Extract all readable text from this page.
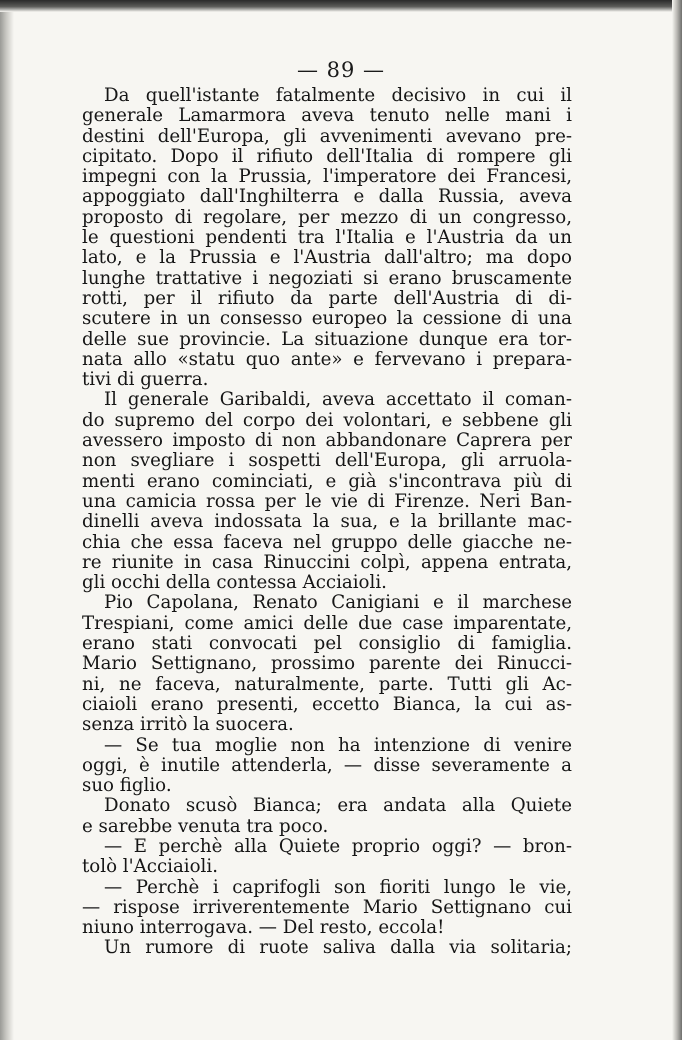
— 89 —
Da quell'istante fatalmente decisivo in cui il
generale Lamarmora aveva tenuto nelle mani i
destini dell'Europa, gli avvenimenti avevano pre-
cipitato. Dopo il rifiuto dell'Italia di rompere gli
impegni con la Prussia, l'imperatore dei Francesi,
appoggiato dall'Inghilterra e dalla Russia, aveva
proposto di regolare, per mezzo di un congresso,
le questioni pendenti tra l'Italia e l'Austria da un
lato, e la Prussia e l'Austria dall'altro; ma dopo
lunghe trattative i negoziati si erano bruscamente
rotti, per il rifiuto da parte dell'Austria di di-
scutere in un consesso europeo la cessione di una
delle sue provincie. La situazione dunque era tor-
nata allo «statu quo ante» e fervevano i prepara-
tivi di guerra.
Il generale Garibaldi, aveva accettato il coman-
do supremo del corpo dei volontari, e sebbene gli
avessero imposto di non abbandonare Caprera per
non svegliare i sospetti dell'Europa, gli arruola-
menti erano cominciati, e già s'incontrava più di
una camicia rossa per le vie di Firenze. Neri Ban-
dinelli aveva indossata la sua, e la brillante mac-
chia che essa faceva nel gruppo delle giacche ne-
re riunite in casa Rinuccini colpì, appena entrata,
gli occhi della contessa Acciaioli.
Pio Capolana, Renato Canigiani e il marchese
Trespiani, come amici delle due case imparentate,
erano stati convocati pel consiglio di famiglia.
Mario Settignano, prossimo parente dei Rinucci-
ni, ne faceva, naturalmente, parte. Tutti gli Ac-
ciaioli erano presenti, eccetto Bianca, la cui as-
senza irritò la suocera.
— Se tua moglie non ha intenzione di venire
oggi, è inutile attenderla, — disse severamente a
suo figlio.
Donato scusò Bianca; era andata alla Quiete
e sarebbe venuta tra poco.
— E perchè alla Quiete proprio oggi? — bron-
tolò l'Acciaioli.
— Perchè i caprifogli son fioriti lungo le vie,
— rispose irriverentemente Mario Settignano cui
niuno interrogava. — Del resto, eccola!
Un rumore di ruote saliva dalla via solitaria;
